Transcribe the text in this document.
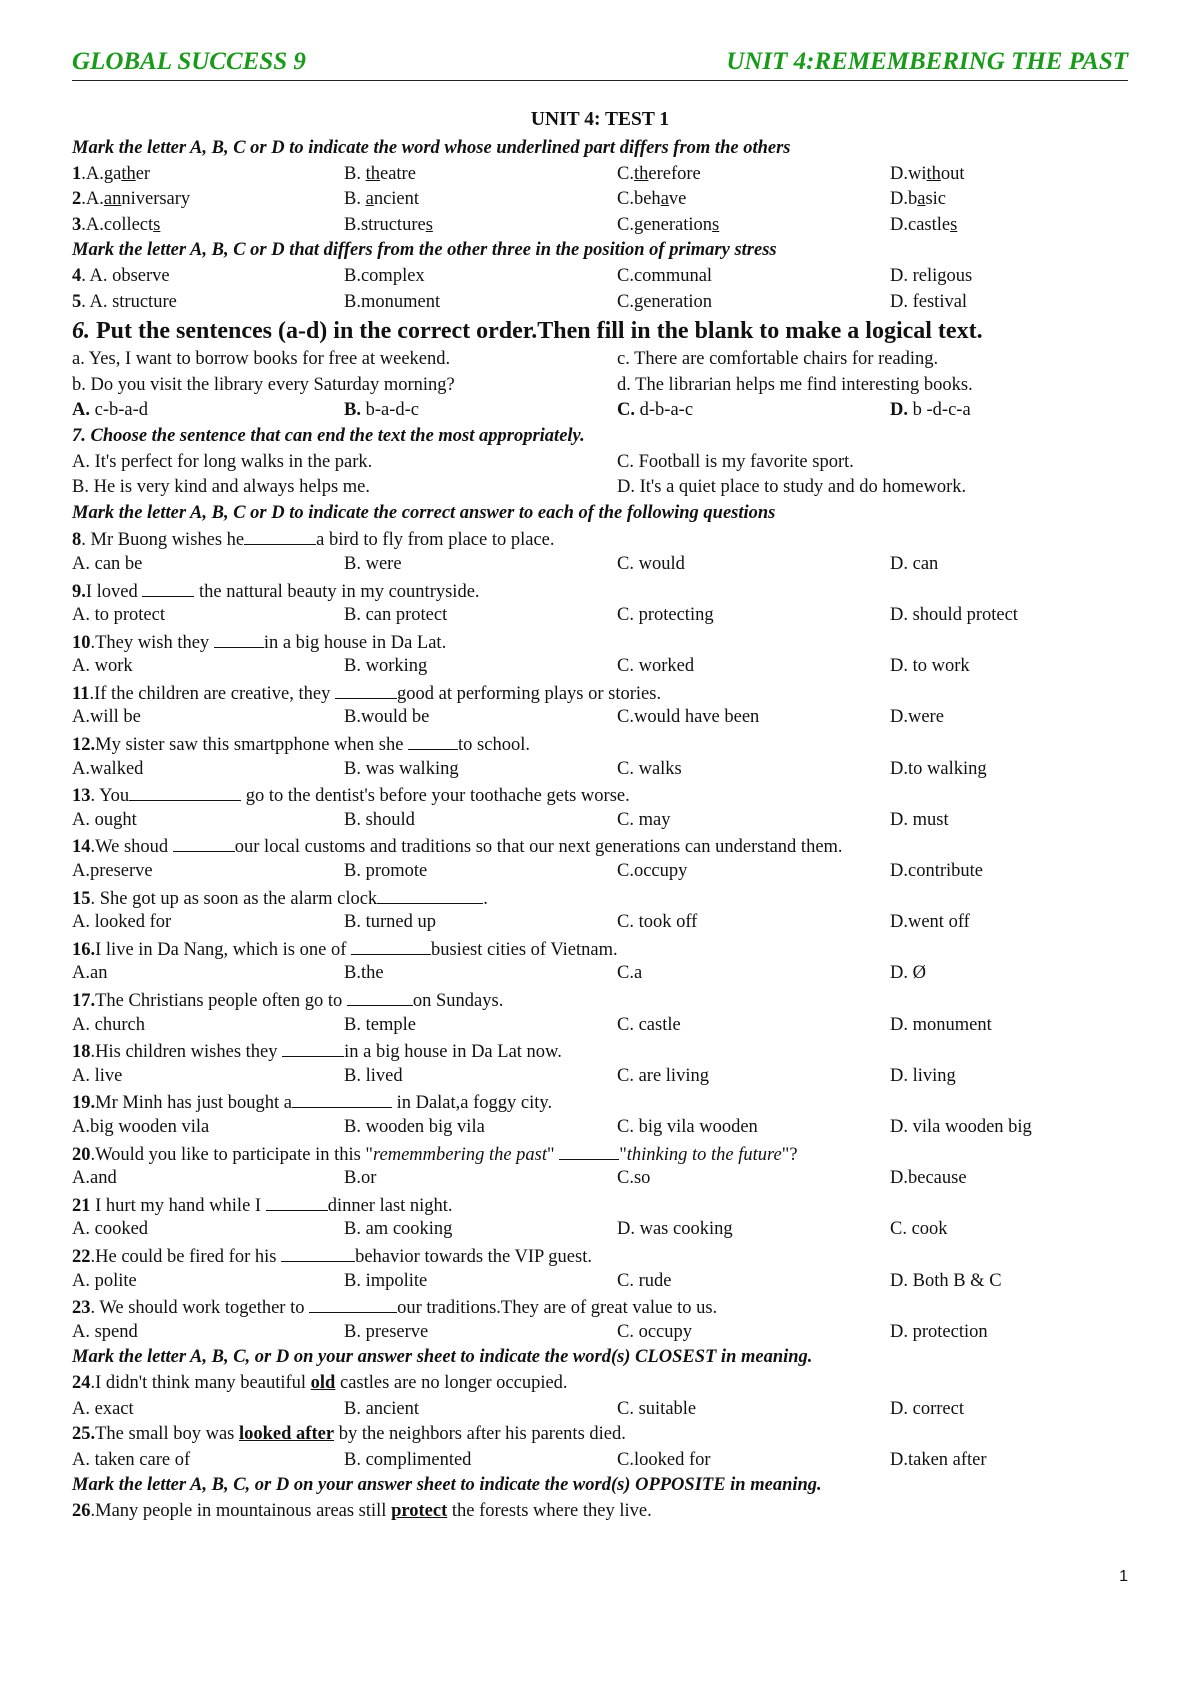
GLOBAL SUCCESS 9	UNIT 4:REMEMBERING THE PAST
UNIT 4: TEST 1
Mark the letter A, B, C or D to indicate the word whose underlined part differs from the others
1.A.gather	B. theatre	C.therefore	D.without
2.A.anniversary	B. ancient	C.behave	D.basic
3.A.collects	B.structures	C.generations	D.castles
Mark the letter A, B, C or D that differs from the other three in the position of primary stress
4. A. observe	B.complex	C.communal	D. religous
5. A. structure	B.monument	C.generation	D. festival
6. Put the sentences (a-d) in the correct order.Then fill in the blank to make a logical text.
a. Yes, I want to borrow books for free at weekend.	c. There are comfortable chairs for reading.
b. Do you visit the library every Saturday morning?	d. The librarian helps me find interesting books.
A. c-b-a-d	B. b-a-d-c	C. d-b-a-c	D. b -d-c-a
7. Choose the sentence that can end the text the most appropriately.
A. It's perfect for long walks in the park.	C. Football is my favorite sport.
B. He is very kind and always helps me.	D. It's a quiet place to study and do homework.
Mark the letter A, B, C or D to indicate the correct answer to each of the following questions
8. Mr Buong wishes he	a bird to fly from place to place.
A. can be	B. were	C. would	D. can
9.I loved	the nattural beauty in my countryside.
A. to protect	B. can protect	C. protecting	D. should protect
10.They wish they	in a big house in Da Lat.
A. work	B. working	C. worked	D. to work
11.If the children are creative, they	good at performing plays or stories.
A.will be	B.would be	C.would have been	D.were
12.My sister saw this smartpphone when she	to school.
A.walked	B. was walking	C. walks	D.to walking
13. You	go to the dentist's before your toothache gets worse.
A. ought	B. should	C. may	D. must
14.We shoud	our local customs and traditions so that our next generations can understand them.
A.preserve	B. promote	C.occupy	D.contribute
15. She got up as soon as the alarm clock	.
A. looked for	B. turned up	C. took off	D.went off
16.I live in Da Nang, which is one of	busiest cities of Vietnam.
A.an	B.the	C.a	D. Ø
17.The Christians people often go to	on Sundays.
A. church	B. temple	C. castle	D. monument
18.His children wishes they	in a big house in Da Lat now.
A. live	B. lived	C. are living	D. living
19.Mr Minh has just bought a	in Dalat,a foggy city.
A.big wooden vila	B. wooden big vila	C. big vila wooden	D. vila wooden big
20.Would you like to participate in this "rememmbering the past"	"thinking to the future"?
A.and	B.or	C.so	D.because
21 I hurt my hand while I	dinner last night.
A. cooked	B. am cooking	D. was cooking	C. cook
22.He could be fired for his	behavior towards the VIP guest.
A. polite	B. impolite	C. rude	D. Both B & C
23. We should work together to	our traditions.They are of great value to us.
A. spend	B. preserve	C. occupy	D. protection
Mark the letter A, B, C, or D on your answer sheet to indicate the word(s) CLOSEST in meaning.
24.I didn't think many beautiful old castles are no longer occupied.
A. exact	B. ancient	C. suitable	D. correct
25.The small boy was looked after by the neighbors after his parents died.
A. taken care of	B. complimented	C.looked for	D.taken after
Mark the letter A, B, C, or D on your answer sheet to indicate the word(s) OPPOSITE in meaning.
26.Many people in mountainous areas still protect the forests where they live.
1
